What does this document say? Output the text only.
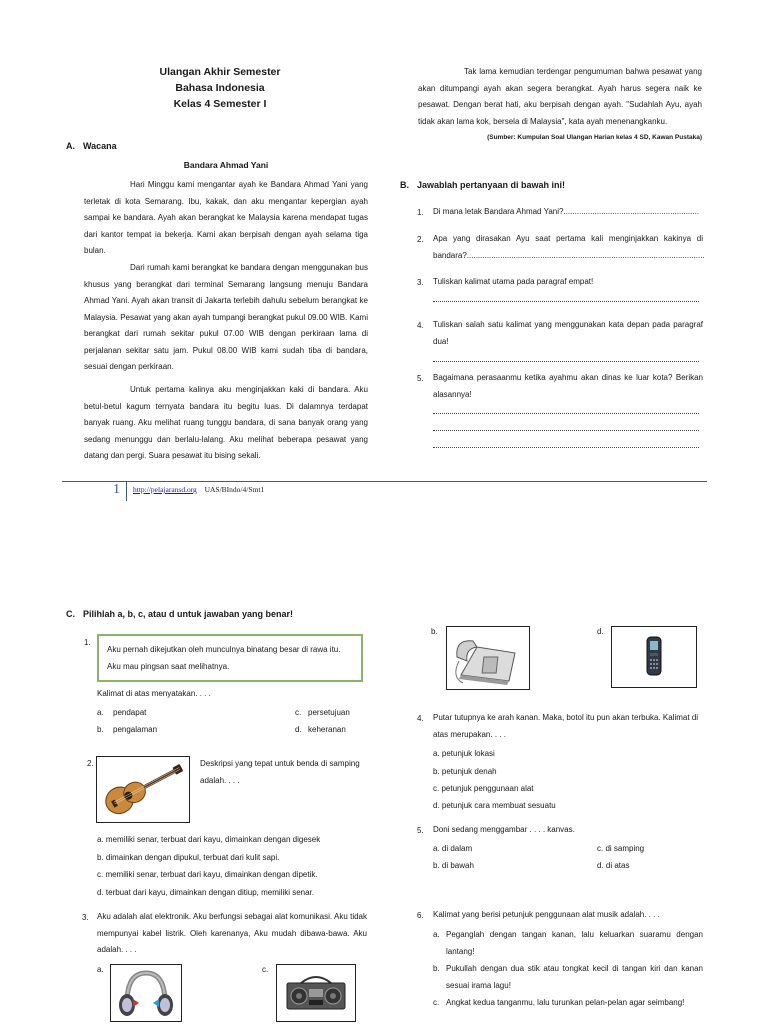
Ulangan Akhir Semester
Bahasa Indonesia
Kelas 4 Semester I
A. Wacana
Bandara Ahmad Yani
Hari Minggu kami mengantar ayah ke Bandara Ahmad Yani yang terletak di kota Semarang. Ibu, kakak, dan aku mengantar kepergian ayah sampai ke bandara. Ayah akan berangkat ke Malaysia karena mendapat tugas dari kantor tempat ia bekerja. Kami akan berpisah dengan ayah selama tiga bulan.
Dari rumah kami berangkat ke bandara dengan menggunakan bus khusus yang berangkat dari terminal Semarang langsung menuju Bandara Ahmad Yani. Ayah akan transit di Jakarta terlebih dahulu sebelum berangkat ke Malaysia. Pesawat yang akan ayah tumpangi berangkat pukul 09.00 WIB. Kami berangkat dari rumah sekitar pukul 07.00 WIB dengan perkiraan lama di perjalanan sekitar satu jam. Pukul 08.00 WIB kami sudah tiba di bandara, sesuai dengan perkiraan.
Untuk pertama kalinya aku menginjakkan kaki di bandara. Aku betul-betul kagum ternyata bandara itu begitu luas. Di dalamnya terdapat banyak ruang. Aku melihat ruang tunggu bandara, di sana banyak orang yang sedang menunggu dan berlalu-lalang. Aku melihat beberapa pesawat yang datang dan pergi. Suara pesawat itu bising sekali.
Tak lama kemudian terdengar pengumuman bahwa pesawat yang akan ditumpangi ayah akan segera berangkat. Ayah harus segera naik ke pesawat. Dengan berat hati, aku berpisah dengan ayah. "Sudahlah Ayu, ayah tidak akan lama kok, bersela di Malaysia", kata ayah menenangkanku.
(Sumber: Kumpulan Soal Ulangan Harian kelas 4 SD, Kawan Pustaka)
B. Jawablah pertanyaan di bawah ini!
1. Di mana letak Bandara Ahmad Yani?.............................................................
2. Apa yang dirasakan Ayu saat pertama kali menginjakkan kakinya di bandara?...........................................................................................................
3. Tuliskan kalimat utama pada paragraf empat!
4. Tuliskan salah satu kalimat yang menggunakan kata depan pada paragraf dua!
5. Bagaimana perasaanmu ketika ayahmu akan dinas ke luar kota? Berikan alasannya!
1 http://pelajaransd.org UAS/BIndo/4/Smt1
C. Pilihlah a, b, c, atau d untuk jawaban yang benar!
1.
Aku pernah dikejutkan oleh munculnya binatang besar di rawa itu. Aku mau pingsan saat melihatnya.
Kalimat di atas menyatakan. . . .
a. pendapat
b. pengalaman
c. persetujuan
d. keheranan
2.	Deskripsi yang tepat untuk benda di samping adalah. . . .
a. memiliki senar, terbuat dari kayu, dimainkan dengan digesek
b. dimainkan dengan dipukul, terbuat dari kulit sapi.
c. memiliki senar, terbuat dari kayu, dimainkan dengan dipetik.
d. terbuat dari kayu, dimainkan dengan ditiup, memiliki senar.
3. Aku adalah alat elektronik. Aku berfungsi sebagai alat komunikasi. Aku tidak mempunyai kabel listrik. Oleh karenanya, Aku mudah dibawa-bawa. Aku adalah. . . .
a.	c.
b.	d.
4. Putar tutupnya ke arah kanan. Maka, botol itu pun akan terbuka. Kalimat di atas merupakan. . . .
a. petunjuk lokasi
b. petunjuk denah
c. petunjuk penggunaan alat
d. petunjuk cara membuat sesuatu
5. Doni sedang menggambar . . . . kanvas.
a. di dalam
b. di bawah
c. di samping
d. di atas
6. Kalimat yang berisi petunjuk penggunaan alat musik adalah. . . .
a. Peganglah dengan tangan kanan, lalu keluarkan suaramu dengan lantang!
b. Pukullah dengan dua stik atau tongkat kecil di tangan kiri dan kanan sesuai irama lagu!
c. Angkat kedua tanganmu, lalu turunkan pelan-pelan agar seimbang!
